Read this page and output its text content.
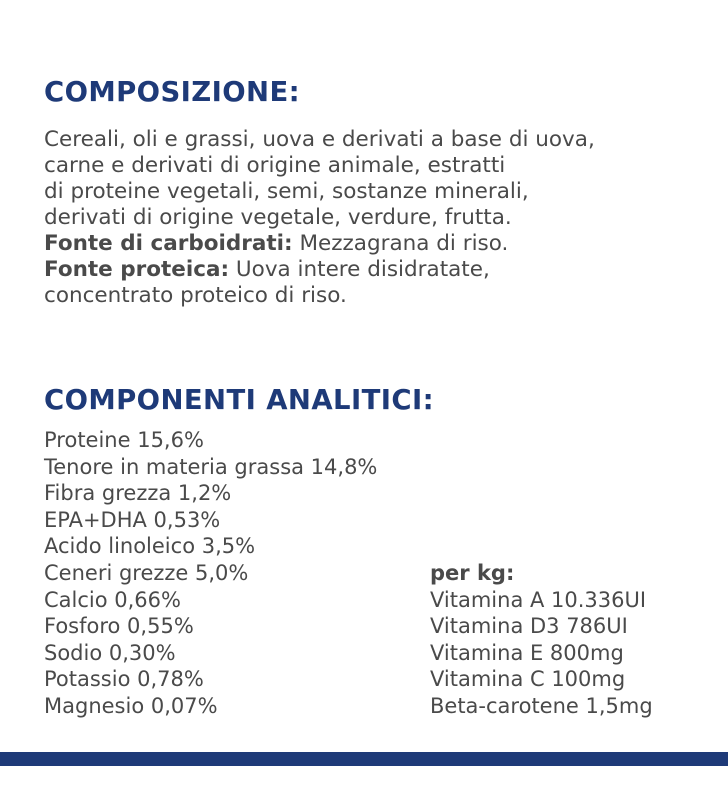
COMPOSIZIONE:
Cereali, oli e grassi, uova e derivati a base di uova,
carne e derivati di origine animale, estratti
di proteine vegetali, semi, sostanze minerali,
derivati di origine vegetale, verdure, frutta.
Fonte di carboidrati: Mezzagrana di riso.
Fonte proteica: Uova intere disidratate,
concentrato proteico di riso.
COMPONENTI ANALITICI:
Proteine 15,6%
Tenore in materia grassa 14,8%
Fibra grezza 1,2%
EPA+DHA 0,53%
Acido linoleico 3,5%
Ceneri grezze 5,0%
Calcio 0,66%
Fosforo 0,55%
Sodio 0,30%
Potassio 0,78%
Magnesio 0,07%
per kg:
Vitamina A 10.336UI
Vitamina D3 786UI
Vitamina E 800mg
Vitamina C 100mg
Beta-carotene 1,5mg
